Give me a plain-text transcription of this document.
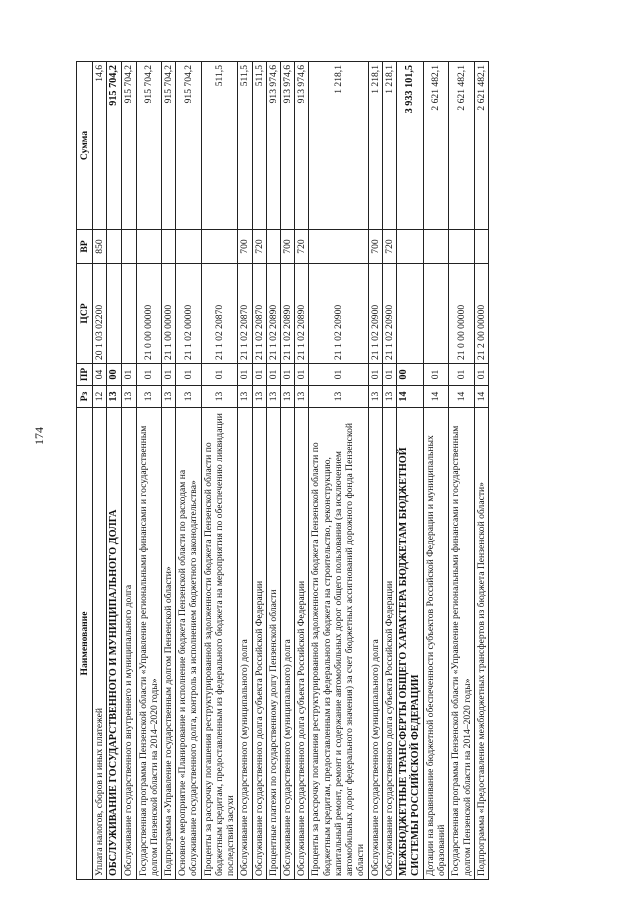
174
Наименование	Рз	ПР	ЦСР	ВР	Сумма
Уплата налогов, сборов и иных платежей	12	04	20 1 03 02200	850	14,6
ОБСЛУЖИВАНИЕ ГОСУДАРСТВЕННОГО И МУНИЦИПАЛЬНОГО ДОЛГА	13	00			915 704,2
Обслуживание государственного внутреннего и муниципального долга	13	01			915 704,2
Государственная программа Пензенской области «Управление региональными финансами и государственным долгом Пензенской области на 2014–2020 годы»	13	01	21 0 00 00000		915 704,2
Подпрограмма «Управление государственным долгом Пензенской области»	13	01	21 1 00 00000		915 704,2
Основное мероприятие «Планирование и исполнение бюджета Пензенской области по расходам на обслуживание государственного долга, контроль за исполнением бюджетного законодательства»	13	01	21 1 02 00000		915 704,2
Проценты за рассрочку погашения реструктурированной задолженности бюджета Пензенской области по бюджетным кредитам, предоставленным из федерального бюджета на мероприятия по обеспечению ликвидации последствий засухи	13	01	21 1 02 20870		511,5
Обслуживание государственного (муниципального) долга	13	01	21 1 02 20870	700	511,5
Обслуживание государственного долга субъекта Российской Федерации	13	01	21 1 02 20870	720	511,5
Процентные платежи по государственному долгу Пензенской области	13	01	21 1 02 20890		913 974,6
Обслуживание государственного (муниципального) долга	13	01	21 1 02 20890	700	913 974,6
Обслуживание государственного долга субъекта Российской Федерации	13	01	21 1 02 20890	720	913 974,6
Проценты за рассрочку погашения реструктурированной задолженности бюджета Пензенской области по бюджетным кредитам, предоставленным из федерального бюджета на строительство, реконструкцию, капитальный ремонт, ремонт и содержание автомобильных дорог общего пользования (за исключением автомобильных дорог федерального значения) за счет бюджетных ассигнований дорожного фонда Пензенской области	13	01	21 1 02 20900		1 218,1
Обслуживание государственного (муниципального) долга	13	01	21 1 02 20900	700	1 218,1
Обслуживание государственного долга субъекта Российской Федерации	13	01	21 1 02 20900	720	1 218,1
МЕЖБЮДЖЕТНЫЕ ТРАНСФЕРТЫ ОБЩЕГО ХАРАКТЕРА БЮДЖЕТАМ БЮДЖЕТНОЙ СИСТЕМЫ РОССИЙСКОЙ ФЕДЕРАЦИИ	14	00			3 933 101,5
Дотации на выравнивание бюджетной обеспеченности субъектов Российской Федерации и муниципальных образований	14	01			2 621 482,1
Государственная программа Пензенской области «Управление региональными финансами и государственным долгом Пензенской области на 2014–2020 годы»	14	01	21 0 00 00000		2 621 482,1
Подпрограмма «Предоставление межбюджетных трансфертов из бюджета Пензенской области»	14	01	21 2 00 00000		2 621 482,1
